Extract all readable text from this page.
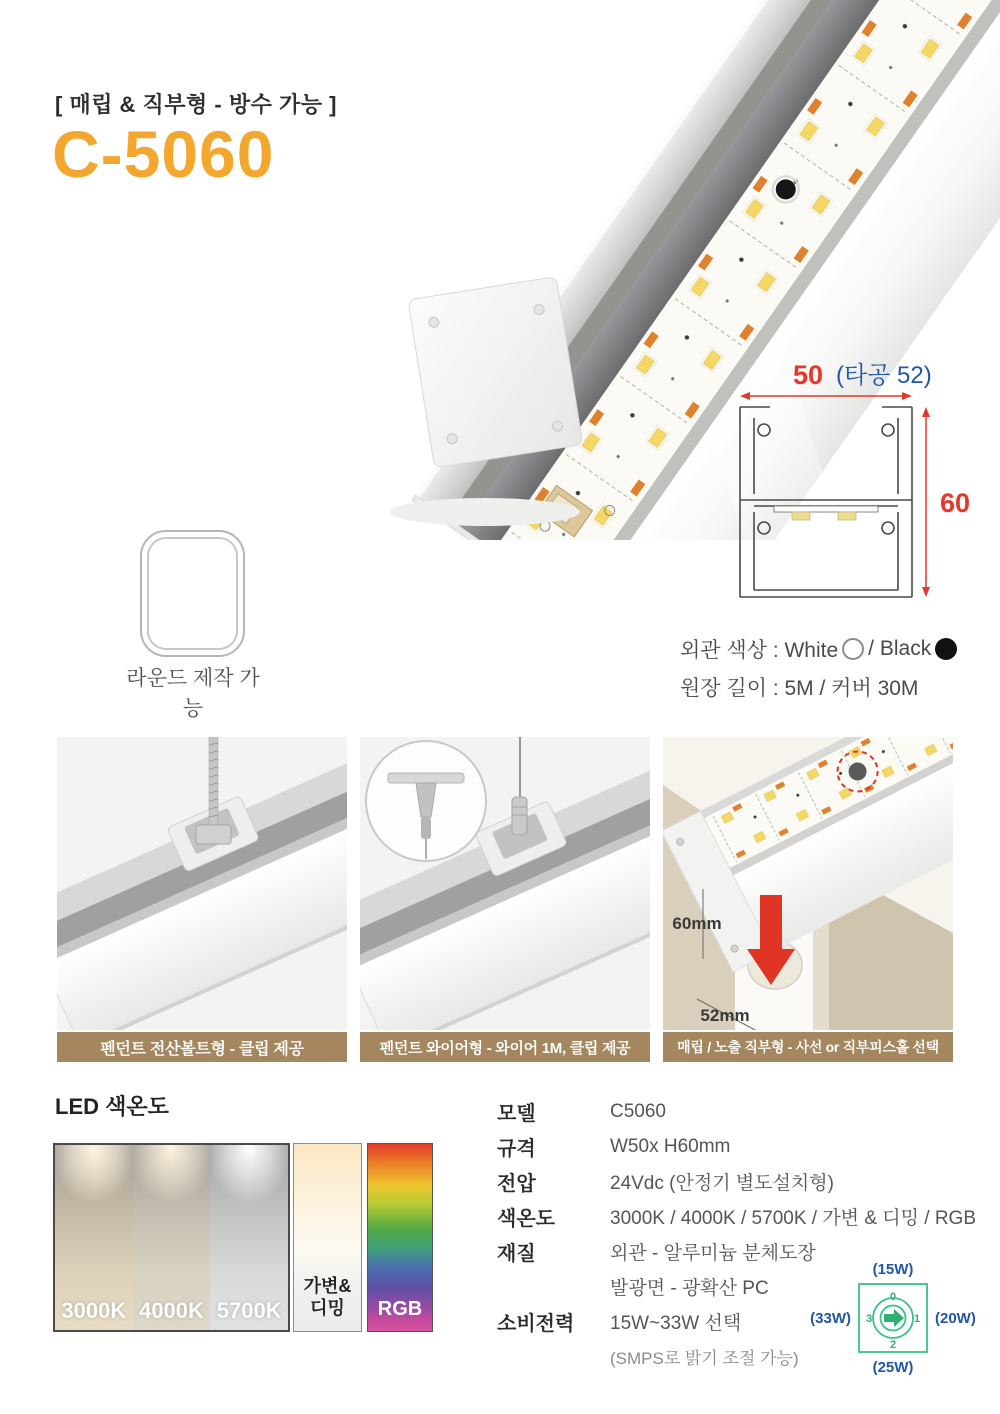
[ 매립 & 직부형 - 방수 가능 ]
C-5060
50 (타공 52)
60
외관 색상 : White / Black
원장 길이 : 5M / 커버 30M
라운드 제작 가능
60mm
52mm
펜던트 전산볼트형 - 클립 제공	펜던트 와이어형 - 와이어 1M, 클립 제공	매립 / 노출 직부형 - 사선 or 직부피스홀 선택
LED 색온도
3000K 4000K 5700K
가변&
디밍 RGB
모델	C5060
규격	W50x H60mm
전압	24Vdc (안정기 별도설치형)
색온도	3000K / 4000K / 5700K / 가변 & 디밍 / RGB
재질	외관 - 알루미늄 분체도장
발광면 - 광확산 PC
소비전력	15W~33W 선택
(SMPS로 밝기 조절 가능)
(15W)
0
1
2
3
(25W)
(20W)
(33W)
